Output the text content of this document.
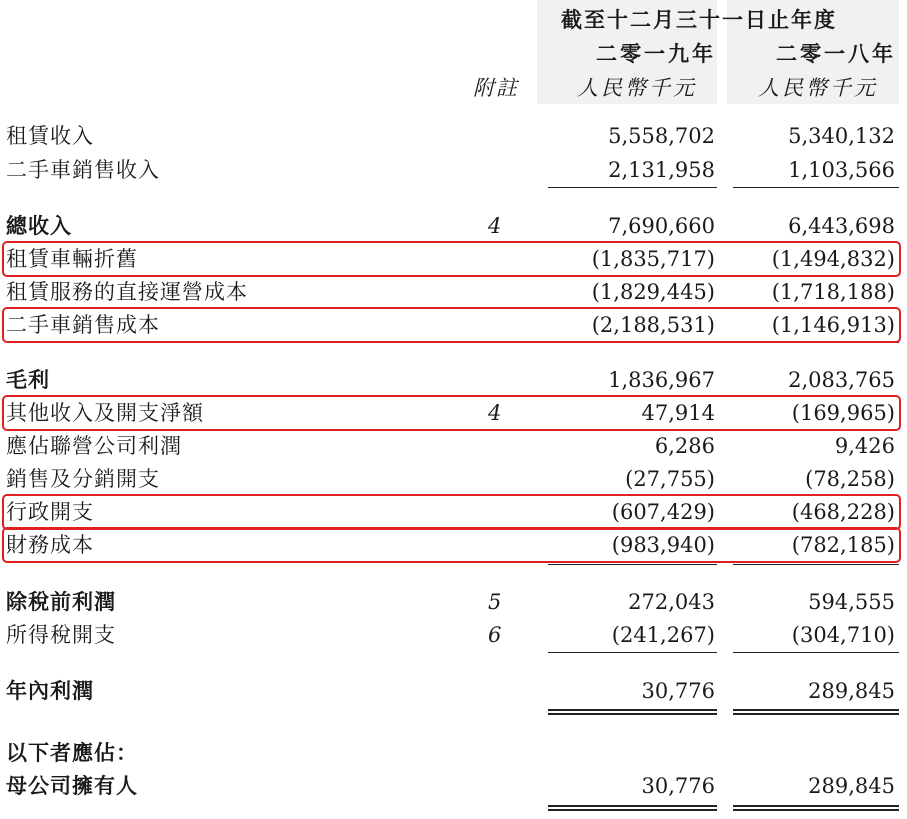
截至十二月三十一日止年度
二零一九年	二零一八年
附註	人民幣千元	人民幣千元
租賃收入	5,558,702	5,340,132
二手車銷售收入	2,131,958	1,103,566
總收入	4	7,690,660	6,443,698
租賃車輛折舊	(1,835,717)	(1,494,832)
租賃服務的直接運營成本	(1,829,445)	(1,718,188)
二手車銷售成本	(2,188,531)	(1,146,913)
毛利	1,836,967	2,083,765
其他收入及開支淨額	4	47,914	(169,965)
應佔聯營公司利潤	6,286	9,426
銷售及分銷開支	(27,755)	(78,258)
行政開支	(607,429)	(468,228)
財務成本	(983,940)	(782,185)
除稅前利潤	5	272,043	594,555
所得稅開支	6	(241,267)	(304,710)
年內利潤	30,776	289,845
以下者應佔：
母公司擁有人	30,776	289,845
